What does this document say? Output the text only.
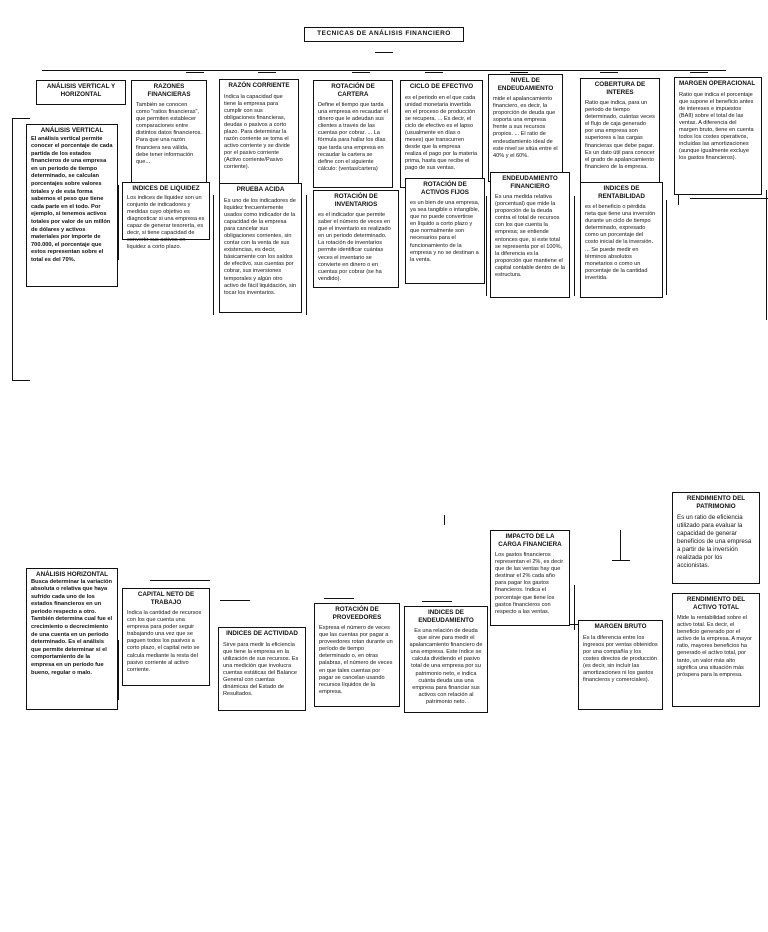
TECNICAS DE ANÁLISIS FINANCIERO
ANÁLISIS VERTICAL Y HORIZONTAL
ANÁLISIS VERTICAL
El análisis vertical permite conocer el porcentaje de cada partida de los estados financieros de una empresa en un periodo de tiempo determinado, se calculan porcentajes sobre valores totales y de esta forma sabemos el peso que tiene cada parte en el todo. Por ejemplo, si tenemos activos totales por valor de un millón de dólares y activos materiales por importe de 700.000, el porcentaje que estos representan sobre el total es del 70%.
RAZONES FINANCIERAS
También se conocen como "ratios financieras", que permiten establecer comparaciones entre distintos datos financieros. Para que una razón financiera sea válida, debe tener información que...
INDICES DE LIQUIDEZ
Los indices de liquidez son un conjunto de indicadores y medidas cuyo objetivo es diagnosticar si una empresa es capaz de generar tesorería, es decir, si tiene capacidad de convertir sus activos en liquidez a corto plazo.
RAZÓN CORRIENTE
Indica la capacidad que tiene la empresa para cumplir con sus obligaciones financieras, deudas o pasivos a corto plazo. Para determinar la razón corriente se toma el activo corriente y se divide por el pasivo corriente (Activo corriente/Pasivo corriente).
PRUEBA ACIDA
Es uno de los indicadores de liquidez frecuentemente usados como indicador de la capacidad de la empresa para cancelar sus obligaciones corrientes, sin contar con la venta de sus existencias, es decir, básicamente con los saldos de efectivo, sus cuentas por cobrar, sus inversiones temporales y algún otro activo de fácil liquidación, sin tocar los inventarios.
ROTACIÓN DE CARTERA
Define el tiempo que tarda una empresa en recaudar el dinero que le adeudan sus clientes a través de las cuentas por cobrar. ... La fórmula para hallar los días que tarda una empresa en recaudar la cartera se define con el siguiente cálculo: (ventas/cartera)
ROTACIÓN DE INVENTARIOS
es el indicador que permite saber el número de veces en que el inventario es realizado en un periodo determinado. La rotación de inventarios permite identificar cuántas veces el inventario se convierte en dinero o en cuentas por cobrar (se ha vendido).
CICLO DE EFECTIVO
es el periodo en el que cada unidad monetaria invertida en el proceso de producción se recupera. ... Es decir, el ciclo de efectivo es el lapso (usualmente en días o meses) que transcurren desde que la empresa realiza el pago por la materia prima, hasta que recibe el pago de sus ventas.
ROTACIÓN DE ACTIVOS FIJOS
es un bien de una empresa, ya sea tangible o intangible, que no puede convertirse en líquido a corto plazo y que normalmente son necesarios para el funcionamiento de la empresa y no se destinan a la venta.
NIVEL DE ENDEUDAMIENTO
mide el apalancamiento financiero, es decir, la proporción de deuda que soporta una empresa frente a sus recursos propios. ... El ratio de endeudamiento ideal de este nivel se sitúa entre el 40% y el 60%.
ENDEUDAMIENTO FINANCIERO
Es una medida relativa (porcentual) que mide la proporción de la deuda contra el total de recursos con los que cuenta la empresa; se entiende entonces que, si este total se representa por el 100%, la diferencia es la proporción que mantiene el capital contable dentro de la estructura.
COBERTURA DE INTERES
Ratio que indica, para un periodo de tiempo determinado, cuántas veces el flujo de caja generado por una empresa son superiores a las cargas financieras que debe pagar. Es un dato útil para conocer el grado de apalancamiento financiero de la empresa.
INDICES DE RENTABILIDAD
es el beneficio o pérdida neta que tiene una inversión durante un ciclo de tiempo determinado, expresado como un porcentaje del costo inicial de la inversión. ... Se puede medir en términos absolutos monetarios o como un porcentaje de la cantidad invertida.
MARGEN OPERACIONAL
Ratio que indica el porcentaje que supone el beneficio antes de intereses e impuestos (BAII) sobre el total de las ventas. A diferencia del margen bruto, tiene en cuenta todos los costes operativos, incluidas las amortizaciones (aunque igualmente excluye los gastos financieros).
ANÁLISIS HORIZONTAL
Busca determinar la variación absoluta o relativa que haya sufrido cada uno de los estados financieros en un periodo respecto a otro. También determina cual fue el crecimiento o decrecimiento de una cuenta en un periodo determinado. Es el análisis que permite determinar si el comportamiento de la empresa en un periodo fue bueno, regular o malo.
CAPITAL NETO DE TRABAJO
Indica la cantidad de recursos con los que cuenta una empresa para poder seguir trabajando una vez que se paguen todos los pasivos a corto plazo, el capital neto se calcula mediante la resta del pasivo corriente al activo corriente.
INDICES DE ACTIVIDAD
Sirve para medir la eficiencia que tiene la empresa en la utilización de sus recursos. Es una medición que involucra cuentas estáticas del Balance General con cuentas dinámicas del Estado de Resultados.
ROTACIÓN DE PROVEEDORES
Expresa el número de veces que las cuentas por pagar a proveedores rotan durante un período de tiempo determinado o, en otras palabras, el número de veces en que tales cuentas por pagar se cancelan usando recursos líquidos de la empresa.
INDICES DE ENDEUDAMIENTO
Es una relación de deuda que sirve para medir el apalancamiento financiero de una empresa. Este índice se calcula dividiendo el pasivo total de una empresa por su patrimonio neto, e indica cuánta deuda usa una empresa para financiar sus activos con relación al patrimonio neto.
IMPACTO DE LA CARGA FINANCIERA
Los gastos financieros representan el 2%, es decir que de las ventas hay que destinar el 2% cada año para pagar los gastos financieros. Indica el porcentaje que tiene los gastos financieros con respecto a las ventas.
MARGEN BRUTO
Es la diferencia entre los ingresos por ventas obtenidos por una compañía y los costes directos de producción (es decir, sin incluir las amortizaciones ni los gastos financieros y comerciales).
RENDIMIENTO DEL PATRIMONIO
Es un ratio de eficiencia utilizado para evaluar la capacidad de generar beneficios de una empresa a partir de la inversión realizada por los accionistas.
RENDIMIENTO DEL ACTIVO TOTAL
Mide la rentabilidad sobre el activo total. Es decir, el beneficio generado por el activo de la empresa. A mayor ratio, mayores beneficios ha generado el activo total, por tanto, un valor más alto significa una situación más próspera para la empresa.
